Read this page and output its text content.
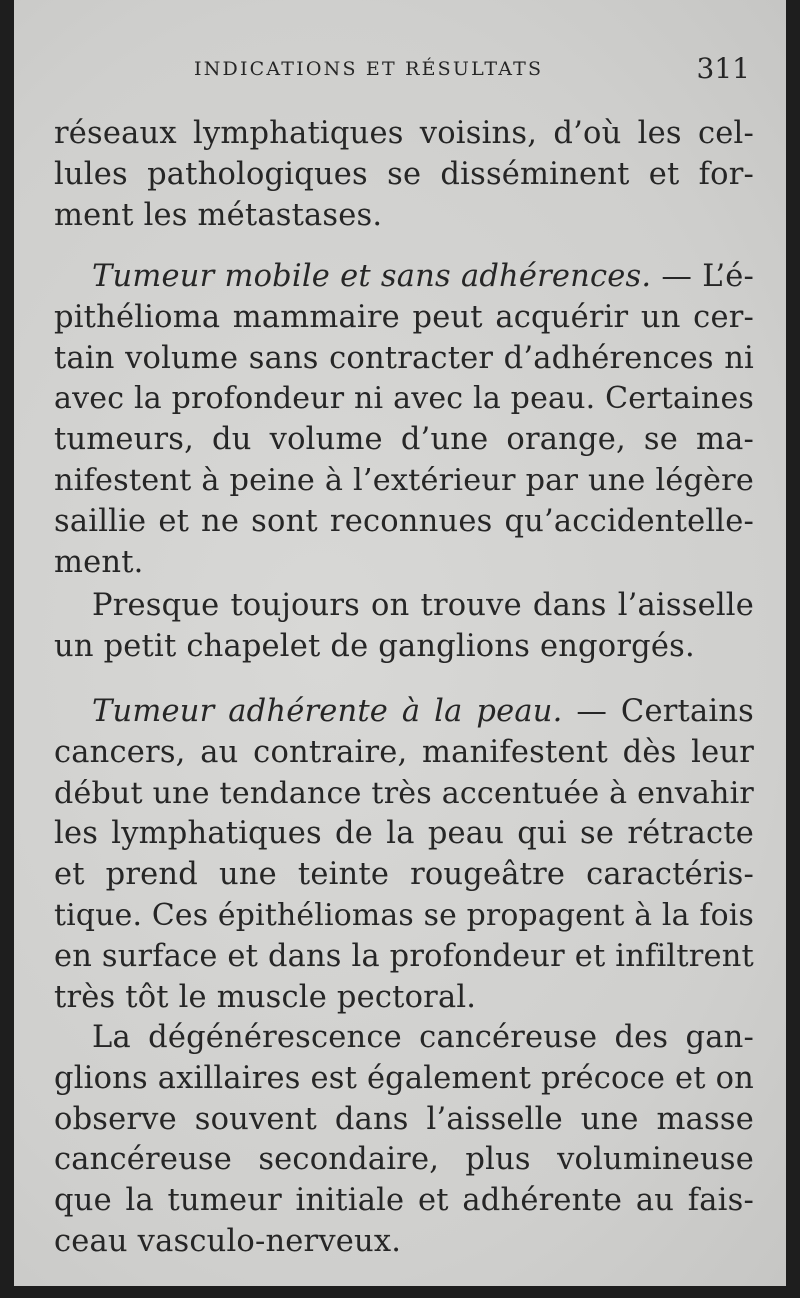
INDICATIONS ET RÉSULTATS	311
réseaux lymphatiques voisins, d’où les cel-
lules pathologiques se disséminent et for-
ment les métastases.
Tumeur mobile et sans adhérences. — L’é-
pithélioma mammaire peut acquérir un cer-
tain volume sans contracter d’adhérences ni
avec la profondeur ni avec la peau. Certaines
tumeurs, du volume d’une orange, se ma-
nifestent à peine à l’extérieur par une légère
saillie et ne sont reconnues qu’accidentelle-
ment.
Presque toujours on trouve dans l’aisselle
un petit chapelet de ganglions engorgés.
Tumeur adhérente à la peau. — Certains
cancers, au contraire, manifestent dès leur
début une tendance très accentuée à envahir
les lymphatiques de la peau qui se rétracte
et prend une teinte rougeâtre caractéris-
tique. Ces épithéliomas se propagent à la fois
en surface et dans la profondeur et infiltrent
très tôt le muscle pectoral.
La dégénérescence cancéreuse des gan-
glions axillaires est également précoce et on
observe souvent dans l’aisselle une masse
cancéreuse secondaire, plus volumineuse
que la tumeur initiale et adhérente au fais-
ceau vasculo-nerveux.
